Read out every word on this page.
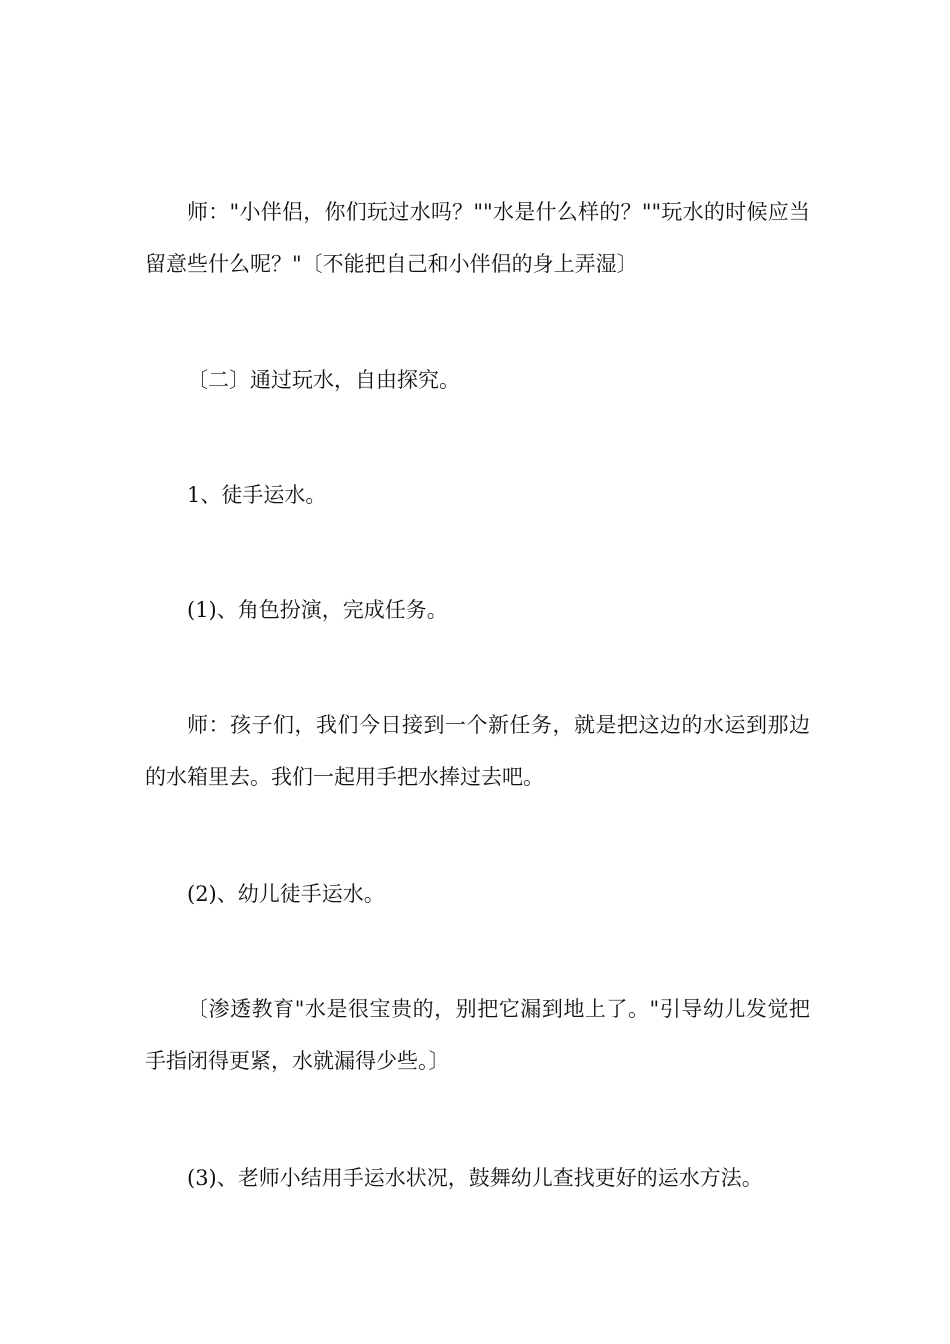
师："小伴侣，你们玩过水吗？""水是什么样的？""玩水的时候应当留意些什么呢？"〔不能把自己和小伴侣的身上弄湿〕

〔二〕通过玩水，自由探究。

1、徒手运水。

(1)、角色扮演，完成任务。

师：孩子们，我们今日接到一个新任务，就是把这边的水运到那边的水箱里去。我们一起用手把水捧过去吧。

(2)、幼儿徒手运水。

〔渗透教育"水是很宝贵的，别把它漏到地上了。"引导幼儿发觉把手指闭得更紧，水就漏得少些。〕

(3)、老师小结用手运水状况，鼓舞幼儿查找更好的运水方法。
